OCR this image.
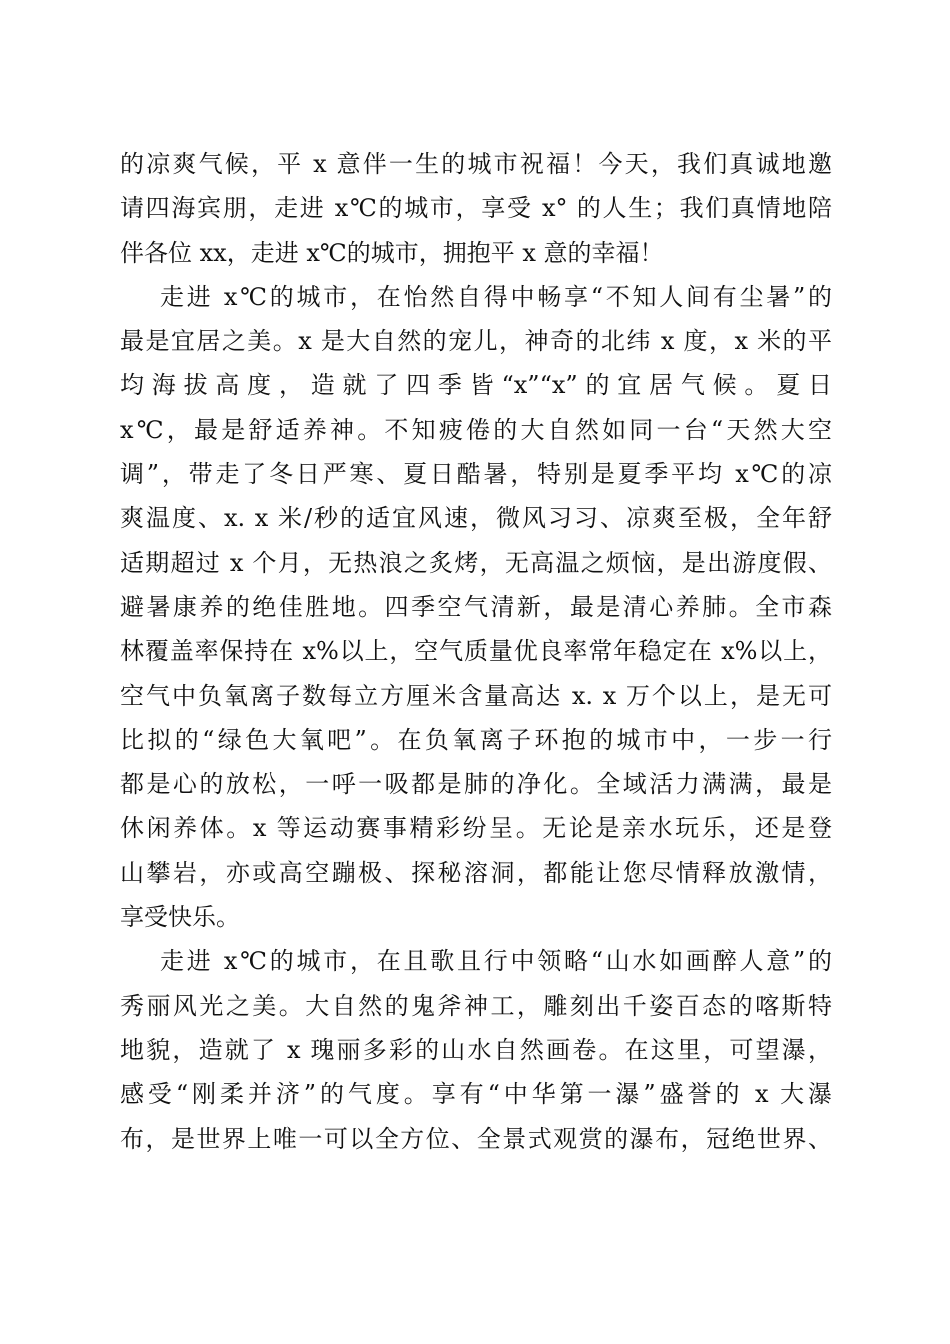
的凉爽气候，平 x 意伴一生的城市祝福！今天，我们真诚地邀
请四海宾朋，走进 x℃的城市，享受 x° 的人生；我们真情地陪
伴各位 xx，走进 x℃的城市，拥抱平 x 意的幸福！
走进 x℃的城市，在怡然自得中畅享“不知人间有尘暑”的
最是宜居之美。x 是大自然的宠儿，神奇的北纬 x 度，x 米的平
均海拔高度，造就了四季皆“x”“x”的宜居气候。夏日
x℃，最是舒适养神。不知疲倦的大自然如同一台“天然大空
调”，带走了冬日严寒、夏日酷暑，特别是夏季平均 x℃的凉
爽温度、x. x 米/秒的适宜风速，微风习习、凉爽至极，全年舒
适期超过 x 个月，无热浪之炙烤，无高温之烦恼，是出游度假、
避暑康养的绝佳胜地。四季空气清新，最是清心养肺。全市森
林覆盖率保持在 x%以上，空气质量优良率常年稳定在 x%以上，
空气中负氧离子数每立方厘米含量高达 x. x 万个以上，是无可
比拟的“绿色大氧吧”。在负氧离子环抱的城市中，一步一行
都是心的放松，一呼一吸都是肺的净化。全域活力满满，最是
休闲养体。x 等运动赛事精彩纷呈。无论是亲水玩乐，还是登
山攀岩，亦或高空蹦极、探秘溶洞，都能让您尽情释放激情，
享受快乐。
走进 x℃的城市，在且歌且行中领略“山水如画醉人意”的
秀丽风光之美。大自然的鬼斧神工，雕刻出千姿百态的喀斯特
地貌，造就了 x 瑰丽多彩的山水自然画卷。在这里，可望瀑，
感受“刚柔并济”的气度。享有“中华第一瀑”盛誉的 x 大瀑
布，是世界上唯一可以全方位、全景式观赏的瀑布，冠绝世界、
